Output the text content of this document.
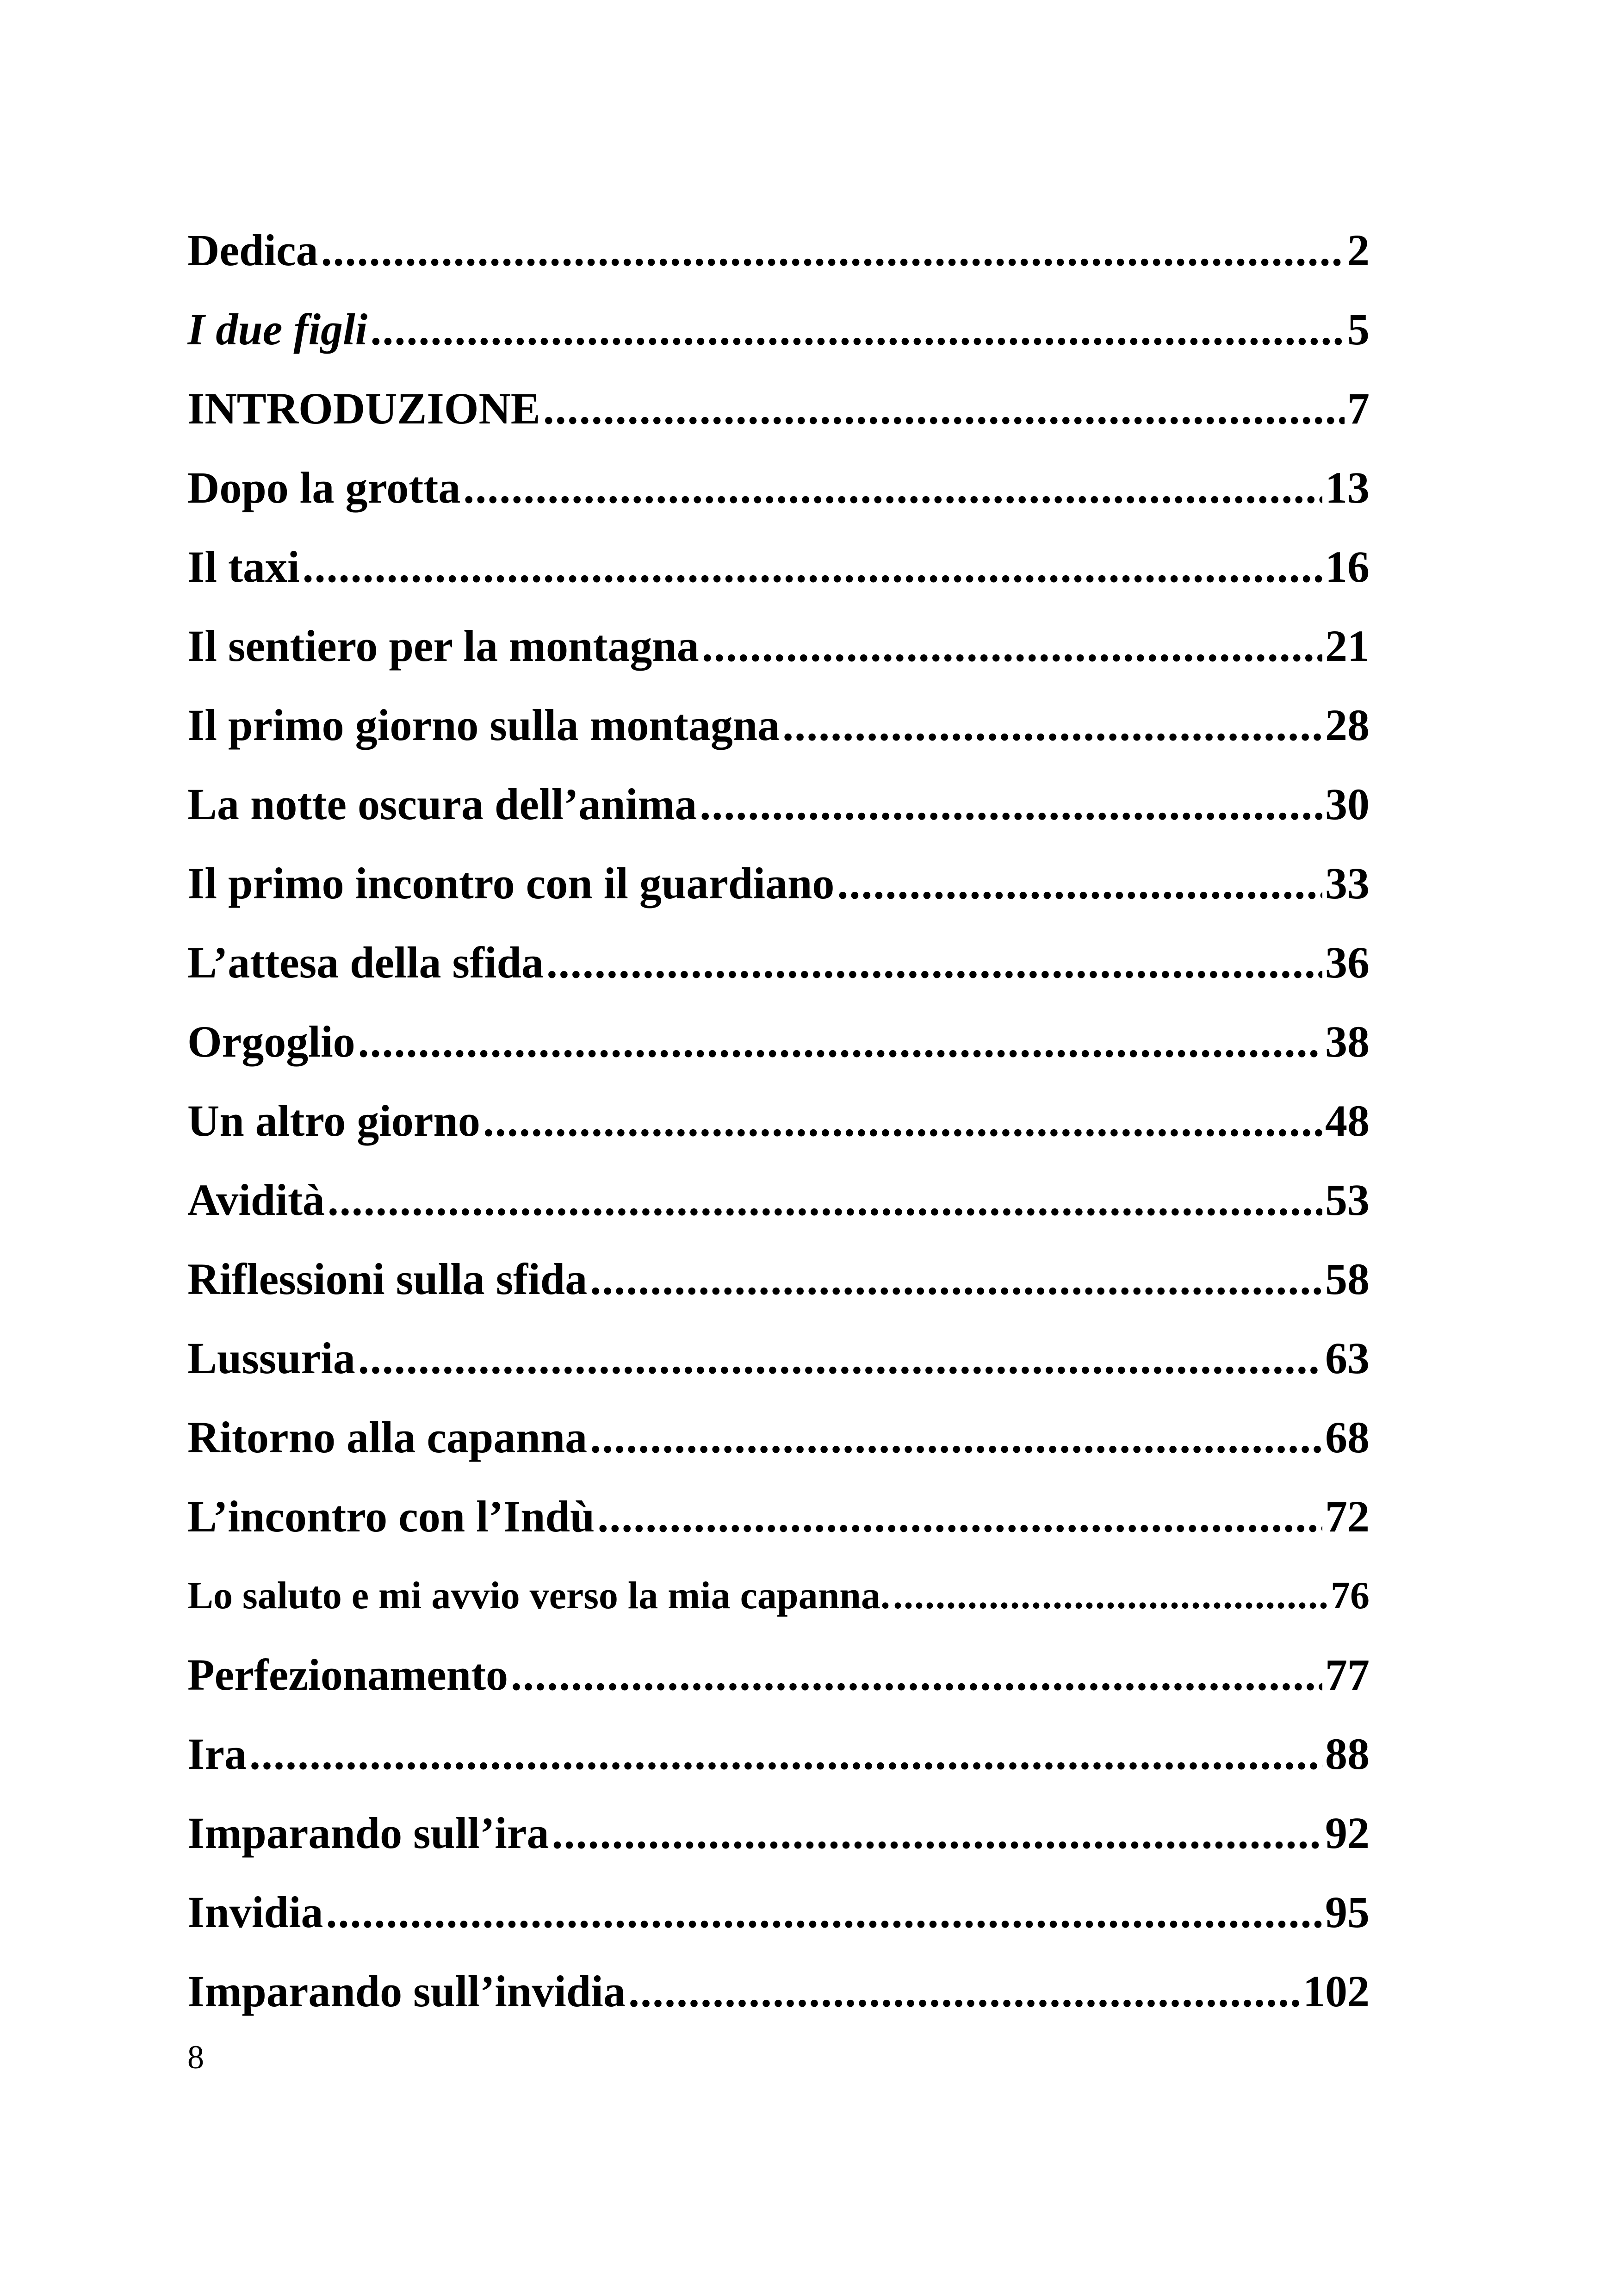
Dedica .....	2
I due figli .....	5
INTRODUZIONE .....	7
Dopo la grotta .....	13
Il taxi .....	16
Il sentiero per la montagna .....	21
Il primo giorno sulla montagna .....	28
La notte oscura dell’anima .....	30
Il primo incontro con il guardiano .....	33
L’attesa della sfida .....	36
Orgoglio .....	38
Un altro giorno .....	48
Avidità .....	53
Riflessioni sulla sfida .....	58
Lussuria .....	63
Ritorno alla capanna .....	68
L’incontro con l’Indù .....	72
Lo saluto e mi avvio verso la mia capanna. .....	76
Perfezionamento .....	77
Ira .....	88
Imparando sull’ira .....	92
Invidia .....	95
Imparando sull’invidia .....	102
8
